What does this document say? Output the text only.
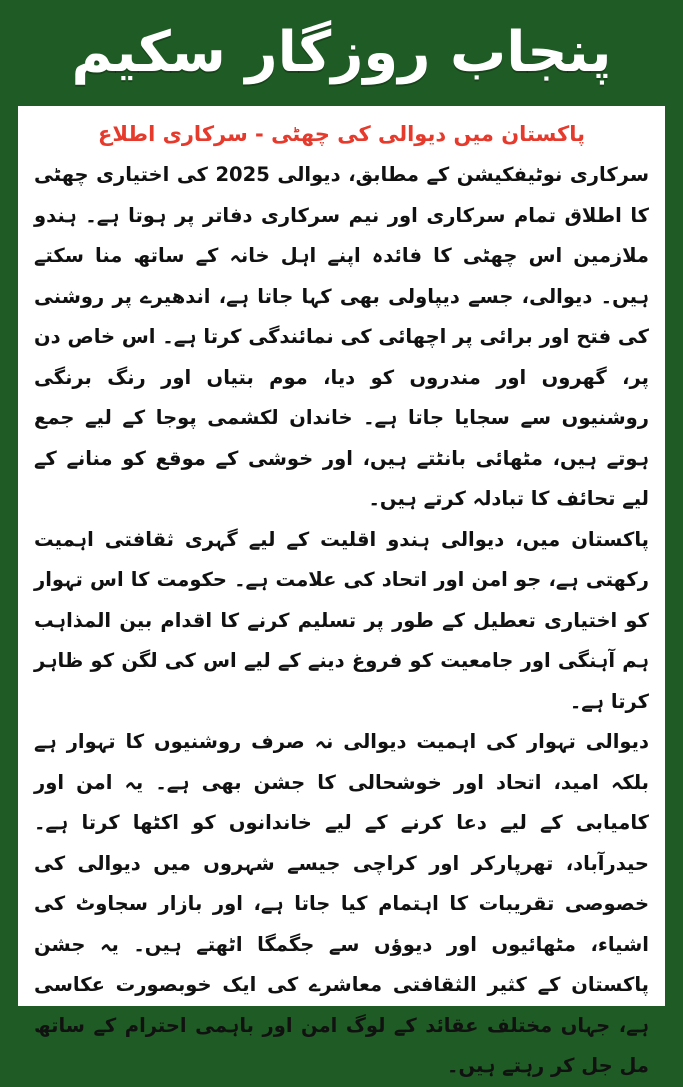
پنجاب روزگار سکیم
پاکستان میں دیوالی کی چھٹی - سرکاری اطلاع

سرکاری نوٹیفکیشن کے مطابق، دیوالی 2025 کی اختیاری چھٹی کا اطلاق تمام سرکاری اور نیم سرکاری دفاتر پر ہوتا ہے۔ ہندو ملازمین اس چھٹی کا فائدہ اپنے اہل خانہ کے ساتھ منا سکتے ہیں۔ دیوالی، جسے دیپاولی بھی کہا جاتا ہے، اندھیرے پر روشنی کی فتح اور برائی پر اچھائی کی نمائندگی کرتا ہے۔ اس خاص دن پر، گھروں اور مندروں کو دیا، موم بتیاں اور رنگ برنگی روشنیوں سے سجایا جاتا ہے۔ خاندان لکشمی پوجا کے لیے جمع ہوتے ہیں، مٹھائی بانٹتے ہیں، اور خوشی کے موقع کو منانے کے لیے تحائف کا تبادلہ کرتے ہیں۔

پاکستان میں، دیوالی ہندو اقلیت کے لیے گہری ثقافتی اہمیت رکھتی ہے، جو امن اور اتحاد کی علامت ہے۔ حکومت کا اس تہوار کو اختیاری تعطیل کے طور پر تسلیم کرنے کا اقدام بین المذاہب ہم آہنگی اور جامعیت کو فروغ دینے کے لیے اس کی لگن کو ظاہر کرتا ہے۔

دیوالی تہوار کی اہمیت دیوالی نہ صرف روشنیوں کا تہوار ہے بلکہ امید، اتحاد اور خوشحالی کا جشن بھی ہے۔ یہ امن اور کامیابی کے لیے دعا کرنے کے لیے خاندانوں کو اکٹھا کرتا ہے۔ حیدرآباد، تھرپارکر اور کراچی جیسے شہروں میں دیوالی کی خصوصی تقریبات کا اہتمام کیا جاتا ہے، اور بازار سجاوٹ کی اشیاء، مٹھائیوں اور دیوؤں سے جگمگا اٹھتے ہیں۔ یہ جشن پاکستان کے کثیر الثقافتی معاشرے کی ایک خوبصورت عکاسی ہے، جہاں مختلف عقائد کے لوگ امن اور باہمی احترام کے ساتھ مل جل کر رہتے ہیں۔
